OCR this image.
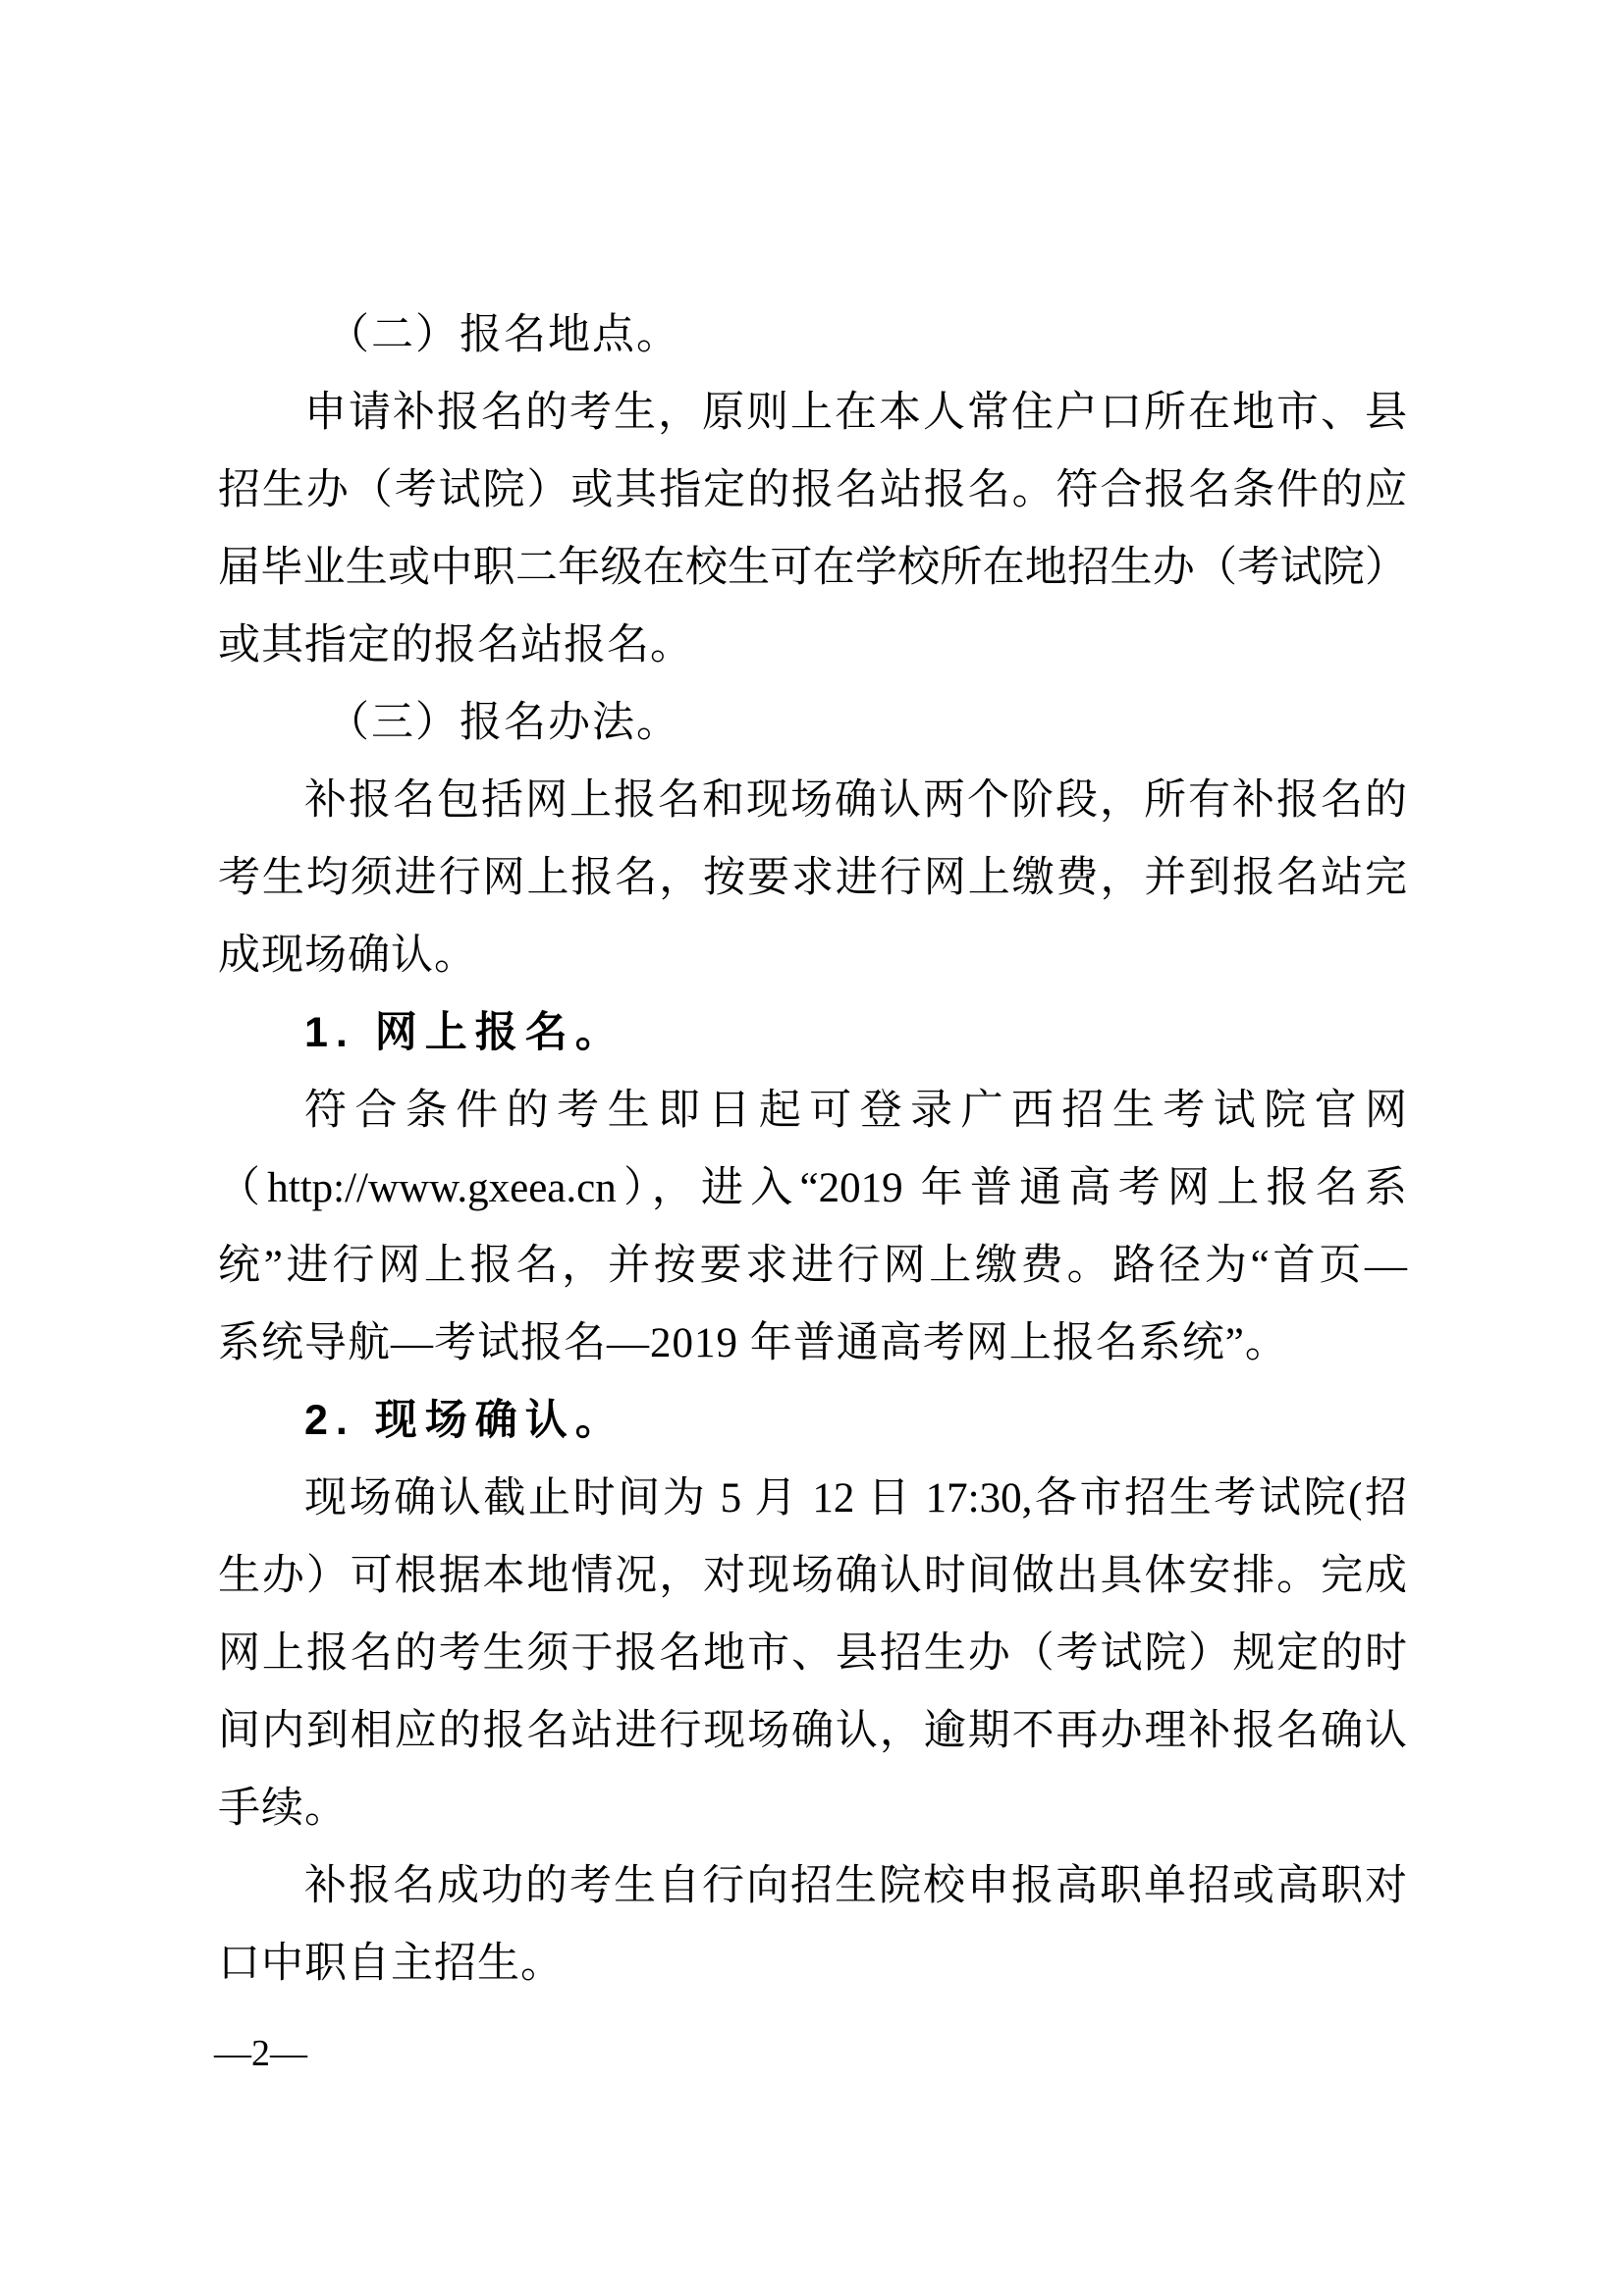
（二）报名地点。
申请补报名的考生，原则上在本人常住户口所在地市、县
招生办（考试院）或其指定的报名站报名。符合报名条件的应
届毕业生或中职二年级在校生可在学校所在地招生办（考试院）
或其指定的报名站报名。
（三）报名办法。
补报名包括网上报名和现场确认两个阶段，所有补报名的
考生均须进行网上报名，按要求进行网上缴费，并到报名站完
成现场确认。
1. 网上报名。
符合条件的考生即日起可登录广西招生考试院官网
（http://www.gxeea.cn），进入“2019 年普通高考网上报名系
统”进行网上报名，并按要求进行网上缴费。路径为“首页—
系统导航—考试报名—2019 年普通高考网上报名系统”。
2. 现场确认。
现场确认截止时间为 5 月 12 日 17:30,各市招生考试院(招
生办）可根据本地情况，对现场确认时间做出具体安排。完成
网上报名的考生须于报名地市、县招生办（考试院）规定的时
间内到相应的报名站进行现场确认，逾期不再办理补报名确认
手续。
补报名成功的考生自行向招生院校申报高职单招或高职对
口中职自主招生。
—2—
